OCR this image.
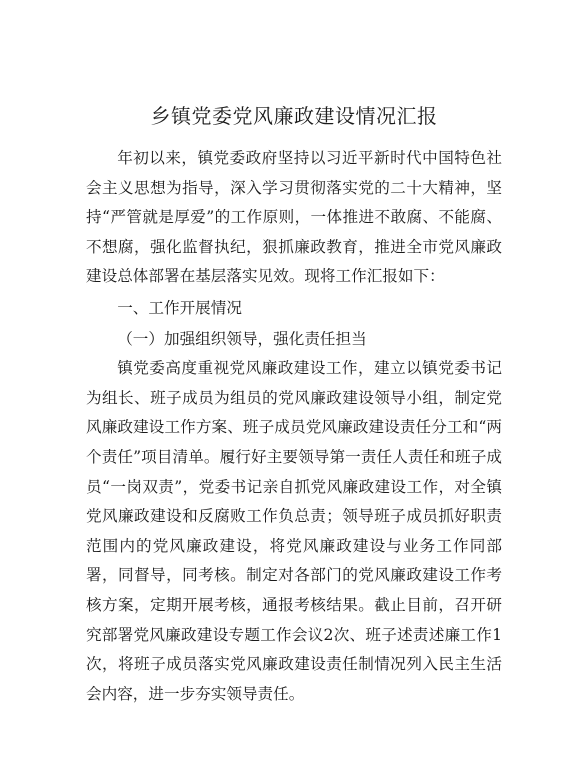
乡镇党委党风廉政建设情况汇报

年初以来，镇党委政府坚持以习近平新时代中国特色社会主义思想为指导，深入学习贯彻落实党的二十大精神，坚持“严管就是厚爱”的工作原则，一体推进不敢腐、不能腐、不想腐，强化监督执纪，狠抓廉政教育，推进全市党风廉政建设总体部署在基层落实见效。现将工作汇报如下：

一、工作开展情况

（一）加强组织领导，强化责任担当

镇党委高度重视党风廉政建设工作，建立以镇党委书记为组长、班子成员为组员的党风廉政建设领导小组，制定党风廉政建设工作方案、班子成员党风廉政建设责任分工和“两个责任”项目清单。履行好主要领导第一责任人责任和班子成员“一岗双责”，党委书记亲自抓党风廉政建设工作，对全镇党风廉政建设和反腐败工作负总责；领导班子成员抓好职责范围内的党风廉政建设，将党风廉政建设与业务工作同部署，同督导，同考核。制定对各部门的党风廉政建设工作考核方案，定期开展考核，通报考核结果。截止目前，召开研究部署党风廉政建设专题工作会议2次、班子述责述廉工作1次，将班子成员落实党风廉政建设责任制情况列入民主生活会内容，进一步夯实领导责任。
